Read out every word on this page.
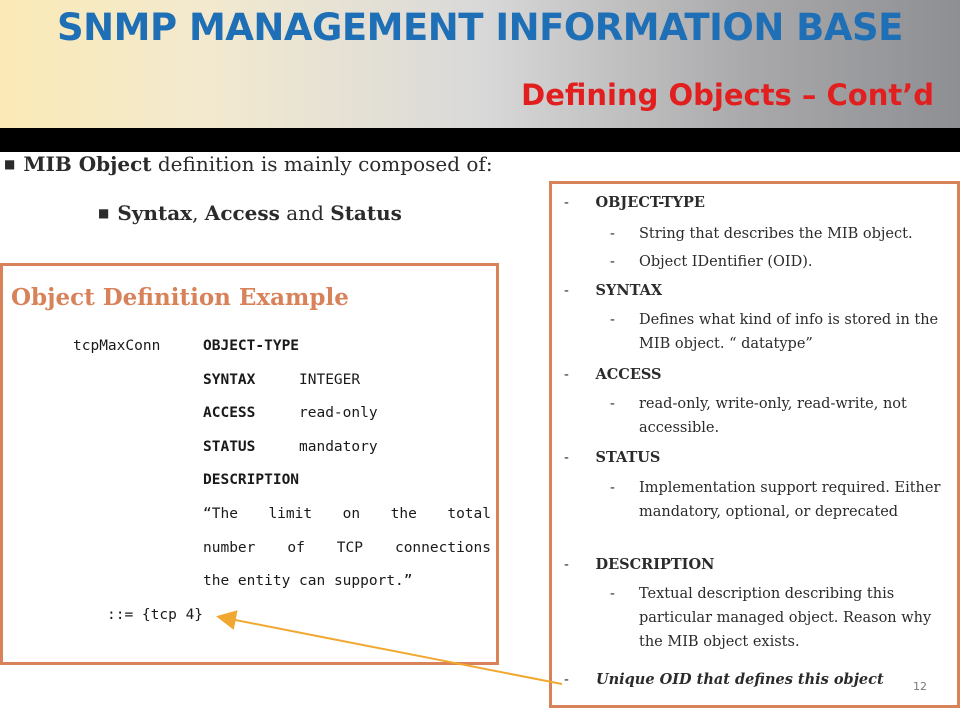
SNMP MANAGEMENT INFORMATION BASE
Defining Objects – Cont’d
■ MIB Object definition is mainly composed of:
■ Syntax, Access and Status
Object Definition Example
tcpMaxConn	OBJECT-TYPE
SYNTAX	INTEGER
ACCESS	read-only
STATUS	mandatory
DESCRIPTION
“The limit on the total
number of TCP connections
the entity can support.”
::= {tcp 4}
- OBJECT-TYPE
- String that describes the MIB object.
- Object IDentifier (OID).
- SYNTAX
- Defines what kind of info is stored in the MIB object. “ datatype”
- ACCESS
- read-only, write-only, read-write, not accessible.
- STATUS
- Implementation support required. Either mandatory, optional, or deprecated
- DESCRIPTION
- Textual description describing this particular managed object. Reason why the MIB object exists.
- Unique OID that defines this object	12
